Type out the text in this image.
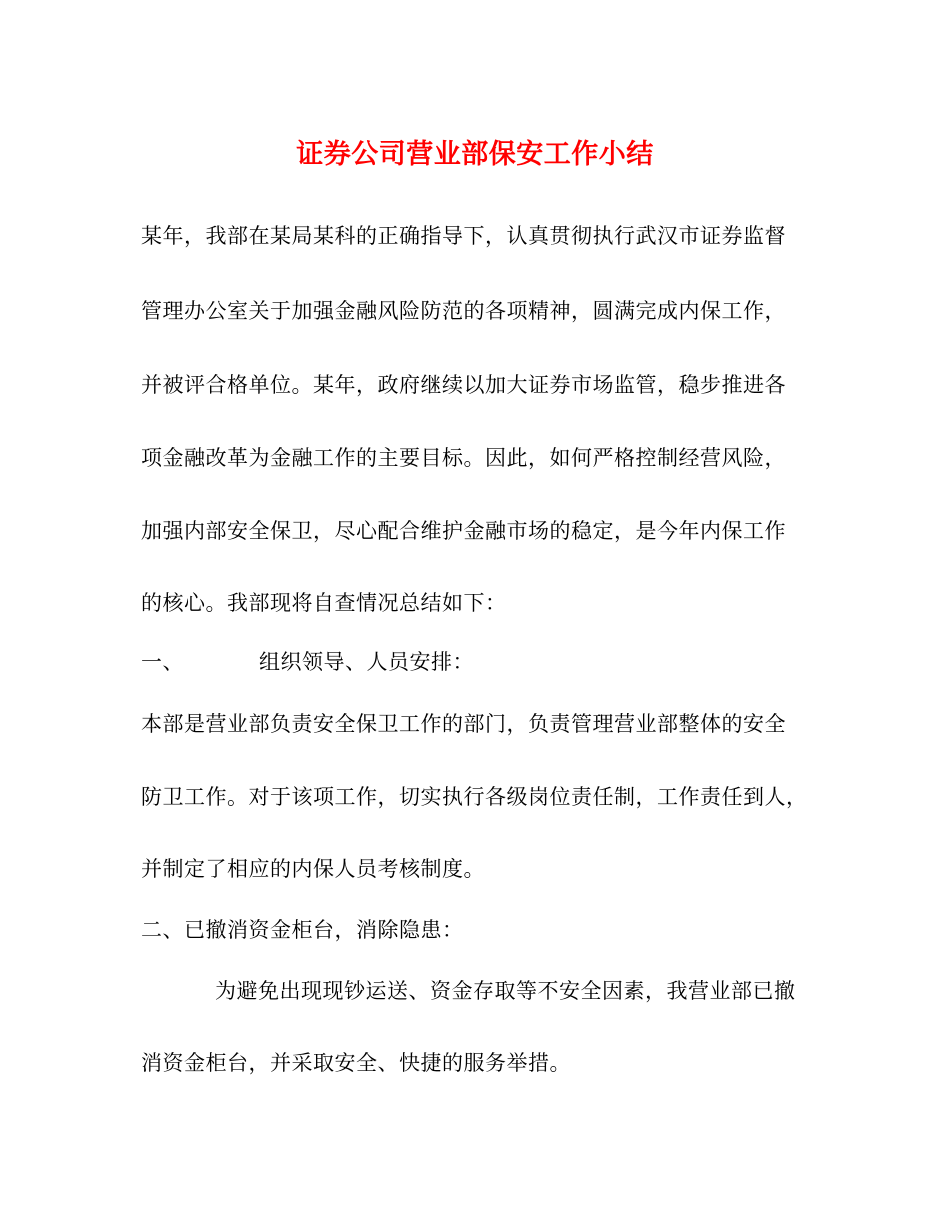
证券公司营业部保安工作小结
某年，我部在某局某科的正确指导下，认真贯彻执行武汉市证券监督
管理办公室关于加强金融风险防范的各项精神，圆满完成内保工作，
并被评合格单位。某年，政府继续以加大证券市场监管，稳步推进各
项金融改革为金融工作的主要目标。因此，如何严格控制经营风险，
加强内部安全保卫，尽心配合维护金融市场的稳定，是今年内保工作
的核心。我部现将自查情况总结如下：
一、	组织领导、人员安排：
本部是营业部负责安全保卫工作的部门，负责管理营业部整体的安全
防卫工作。对于该项工作，切实执行各级岗位责任制，工作责任到人，
并制定了相应的内保人员考核制度。
二、已撤消资金柜台，消除隐患：
为避免出现现钞运送、资金存取等不安全因素，我营业部已撤
消资金柜台，并采取安全、快捷的服务举措。
